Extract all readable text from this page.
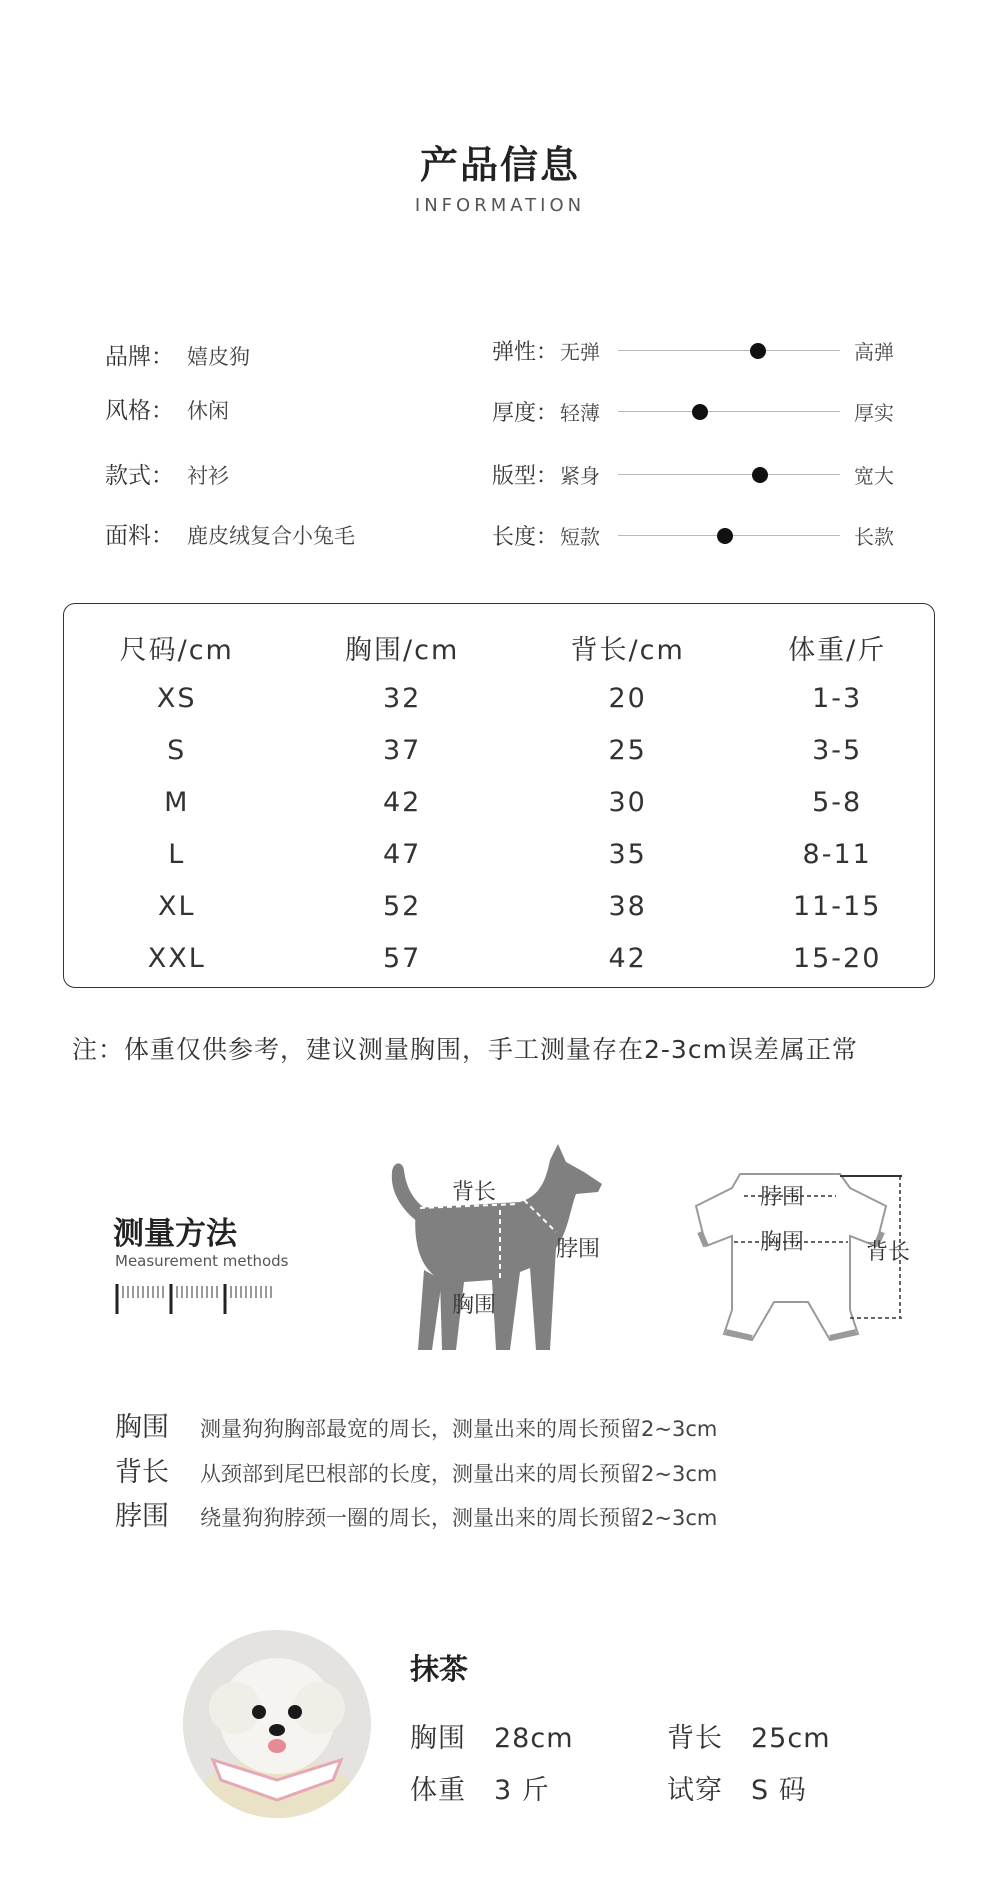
产品信息
INFORMATION
品牌： 嬉皮狗
风格： 休闲
款式： 衬衫
面料： 鹿皮绒复合小兔毛
弹性： 无弹	高弹
厚度： 轻薄	厚实
版型： 紧身	宽大
长度： 短款	长款
尺码/cm	胸围/cm	背长/cm	体重/斤
XS	32	20	1-3
S	37	25	3-5
M	42	30	5-8
L	47	35	8-11
XL	52	38	11-15
XXL	57	42	15-20
注：体重仅供参考，建议测量胸围，手工测量存在2-3cm误差属正常
测量方法
Measurement methods
背长
脖围
胸围
脖围
胸围	背长
胸围 测量狗狗胸部最宽的周长，测量出来的周长预留2~3cm
背长 从颈部到尾巴根部的长度，测量出来的周长预留2~3cm
脖围 绕量狗狗脖颈一圈的周长，测量出来的周长预留2~3cm
抹茶
胸围 28cm	背长 25cm
体重 3 斤	试穿 S 码
